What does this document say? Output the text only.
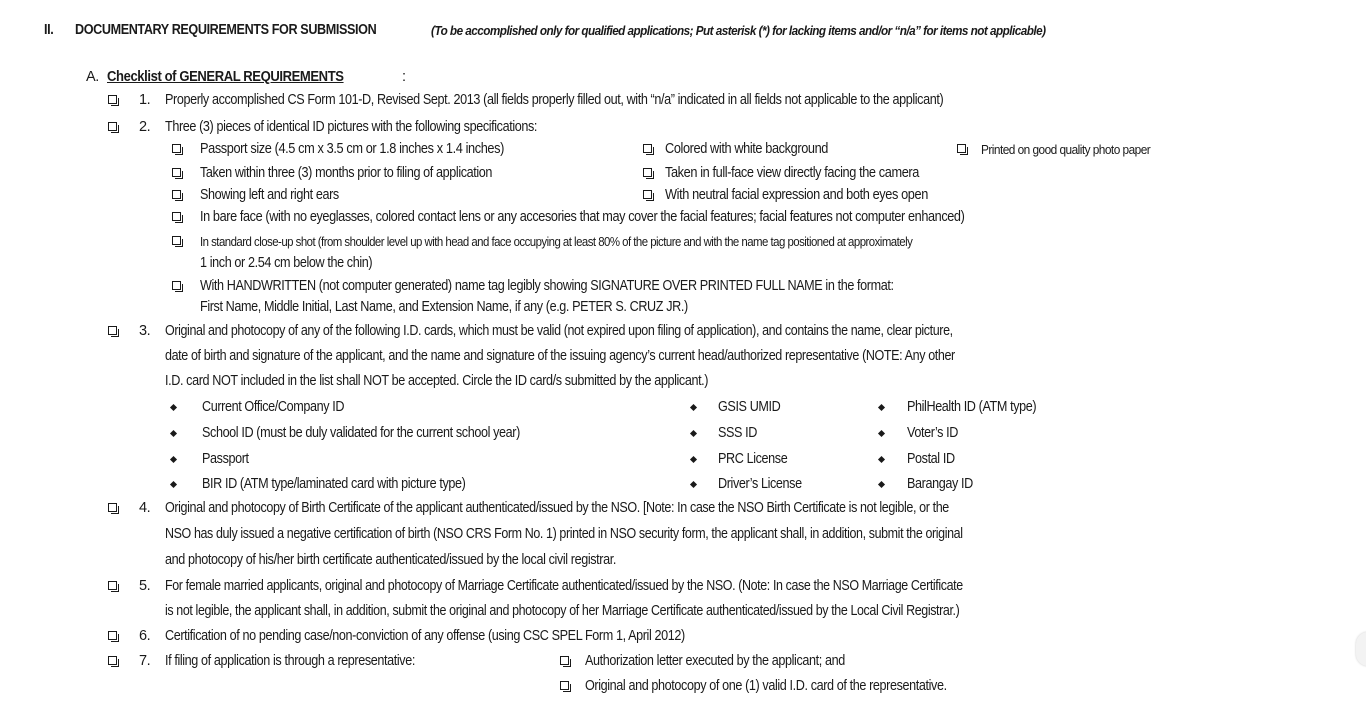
II. DOCUMENTARY REQUIREMENTS FOR SUBMISSION	(To be accomplished only for qualified applications; Put asterisk (*) for lacking items and/or “n/a” for items not applicable)
A. Checklist of GENERAL REQUIREMENTS	:
1. Properly accomplished CS Form 101-D, Revised Sept. 2013 (all fields properly filled out, with “n/a” indicated in all fields not applicable to the applicant)
2. Three (3) pieces of identical ID pictures with the following specifications:
Passport size (4.5 cm x 3.5 cm or 1.8 inches x 1.4 inches)	Colored with white background	Printed on good quality photo paper
Taken within three (3) months prior to filing of application	Taken in full-face view directly facing the camera
Showing left and right ears	With neutral facial expression and both eyes open
In bare face (with no eyeglasses, colored contact lens or any accesories that may cover the facial features; facial features not computer enhanced)
In standard close-up shot (from shoulder level up with head and face occupying at least 80% of the picture and with the name tag positioned at approximately
1 inch or 2.54 cm below the chin)
With HANDWRITTEN (not computer generated) name tag legibly showing SIGNATURE OVER PRINTED FULL NAME in the format:
First Name, Middle Initial, Last Name, and Extension Name, if any (e.g. PETER S. CRUZ JR.)
3. Original and photocopy of any of the following I.D. cards, which must be valid (not expired upon filing of application), and contains the name, clear picture,
date of birth and signature of the applicant, and the name and signature of the issuing agency’s current head/authorized representative (NOTE: Any other
I.D. card NOT included in the list shall NOT be accepted. Circle the ID card/s submitted by the applicant.)
Current Office/Company ID	GSIS UMID	PhilHealth ID (ATM type)
School ID (must be duly validated for the current school year)	SSS ID	Voter’s ID
Passport	PRC License	Postal ID
BIR ID (ATM type/laminated card with picture type)	Driver’s License	Barangay ID
4. Original and photocopy of Birth Certificate of the applicant authenticated/issued by the NSO. [Note: In case the NSO Birth Certificate is not legible, or the
NSO has duly issued a negative certification of birth (NSO CRS Form No. 1) printed in NSO security form, the applicant shall, in addition, submit the original
and photocopy of his/her birth certificate authenticated/issued by the local civil registrar.
5. For female married applicants, original and photocopy of Marriage Certificate authenticated/issued by the NSO. (Note: In case the NSO Marriage Certificate
is not legible, the applicant shall, in addition, submit the original and photocopy of her Marriage Certificate authenticated/issued by the Local Civil Registrar.)
6. Certification of no pending case/non-conviction of any offense (using CSC SPEL Form 1, April 2012)
7. If filing of application is through a representative:	Authorization letter executed by the applicant; and
Original and photocopy of one (1) valid I.D. card of the representative.
